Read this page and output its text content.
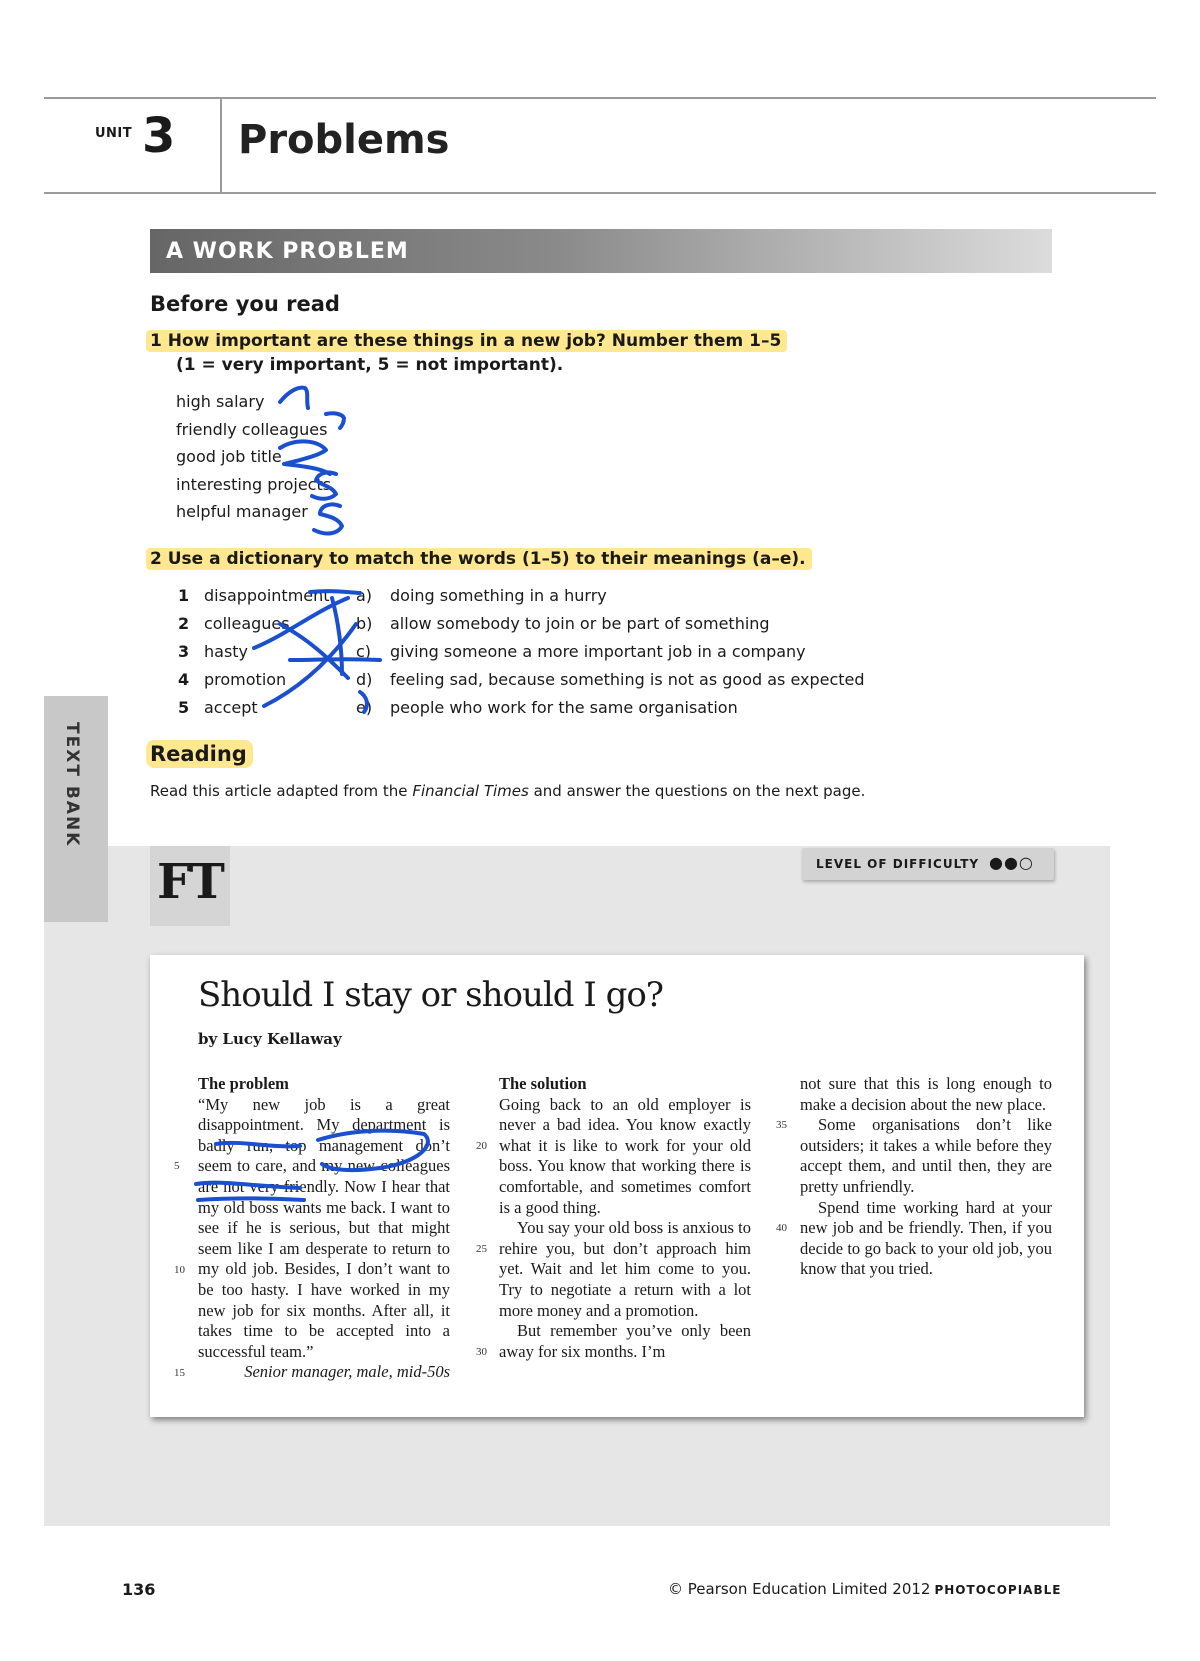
UNIT 3 Problems
A WORK PROBLEM
Before you read
1 How important are these things in a new job? Number them 1–5
(1 = very important, 5 = not important).
high salary
friendly colleagues
good job title
interesting projects
helpful manager
2 Use a dictionary to match the words (1–5) to their meanings (a–e).
1
2
3
4
5
disappointment
colleagues
hasty
promotion
accept
a)
b)
c)
d)
e)
doing something in a hurry
allow somebody to join or be part of something
giving someone a more important job in a company
feeling sad, because something is not as good as expected
people who work for the same organisation
Reading
Read this article adapted from the Financial Times and answer the questions on the next page.
TEXT BANK
FT	LEVEL OF DIFFICULTY ●●○
Should I stay or should I go?
by Lucy Kellaway

The problem

“My new job is a great disappointment. My department is badly run, top management don’t seem to care, and my new colleagues are not very friendly. Now I hear that my old boss wants me back. I want to see if he is serious, but that might seem like I am desperate to return to my old job. Besides, I don’t want to be too hasty. I have worked in my new job for six months. After all, it takes time to be accepted into a successful team.”

Senior manager, male, mid-50s

The solution

Going back to an old employer is never a bad idea. You know exactly what it is like to work for your old boss. You know that working there is comfortable, and sometimes comfort is a good thing.

You say your old boss is anxious to rehire you, but don’t approach him yet. Wait and let him come to you. Try to negotiate a return with a lot more money and a promotion.

But remember you’ve only been away for six months. I’m

not sure that this is long enough to make a decision about the new place.

Some organisations don’t like outsiders; it takes a while before they accept them, and until then, they are pretty unfriendly.

Spend time working hard at your new job and be friendly. Then, if you decide to go back to your old job, you know that you tried.

5
10
15
20
25
30
35
40
136	© Pearson Education Limited 2012 PHOTOCOPIABLE
